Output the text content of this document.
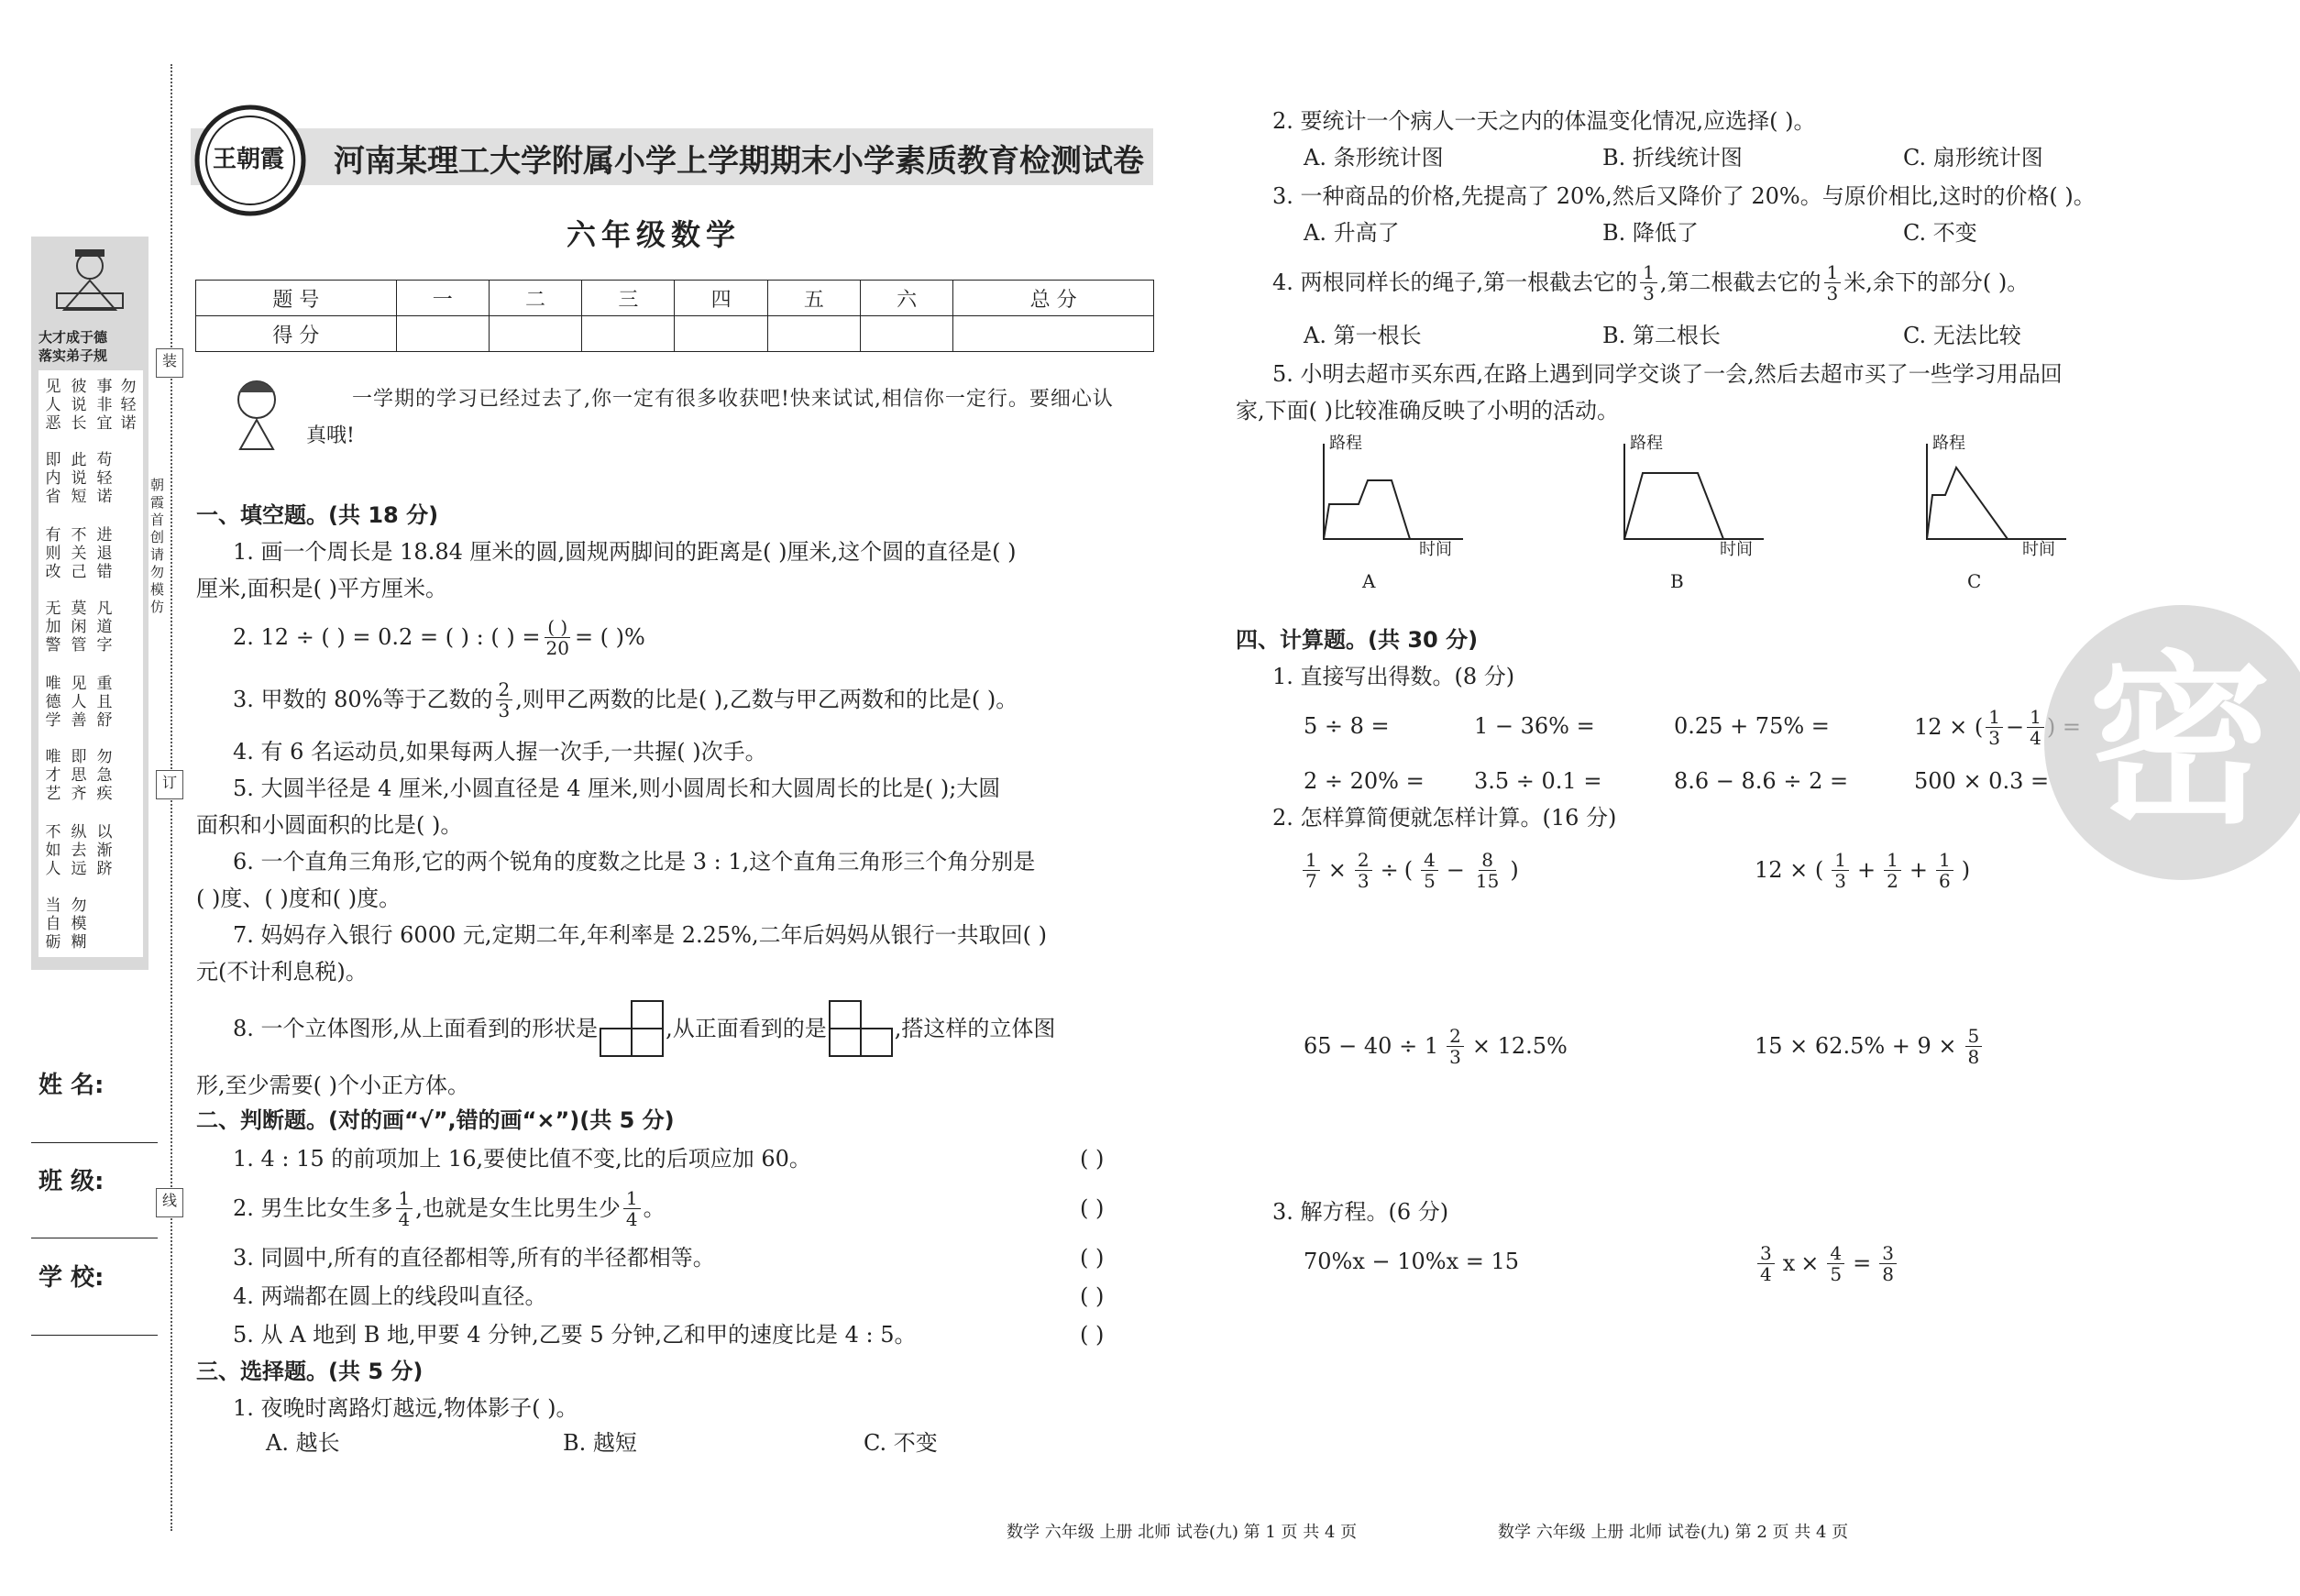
大才成于德
落实弟子规
见人恶
彼说长
事非宜
勿轻诺
即内省
此说短
苟轻诺
有则改
不关己
进退错
无加警
莫闲管
凡道字
唯德学
见人善
重且舒
唯才艺
即思齐
勿急疾
不如人
纵去远
以渐跻
当自砺
勿模糊
姓 名:
班 级:
学 校:
装
订
线
朝霞首创 请勿模仿
王朝霞 河南某理工大学附属小学上学期期末小学素质教育检测试卷
六年级数学
题 号	一	二	三	四	五	六	总 分
得 分							
一学期的学习已经过去了,你一定有很多收获吧!快来试试,相信你一定行。要细心认
真哦!
一、填空题。(共 18 分)
1. 画一个周长是 18.84 厘米的圆,圆规两脚间的距离是( )厘米,这个圆的直径是( )
厘米,面积是( )平方厘米。
2. 12 ÷ ( ) = 0.2 = ( ) : ( ) = $\frac{( )}{20}$ = ( )%
3. 甲数的 80%等于乙数的 $\frac{2}{3}$ ,则甲乙两数的比是( ),乙数与甲乙两数和的比是( )。
4. 有 6 名运动员,如果每两人握一次手,一共握( )次手。
5. 大圆半径是 4 厘米,小圆直径是 4 厘米,则小圆周长和大圆周长的比是( );大圆
面积和小圆面积的比是( )。
6. 一个直角三角形,它的两个锐角的度数之比是 3 : 1,这个直角三角形三个角分别是
( )度、( )度和( )度。
7. 妈妈存入银行 6000 元,定期二年,年利率是 2.25%,二年后妈妈从银行一共取回( )
元(不计利息税)。
8. 一个立体图形,从上面看到的形状是	,从正面看到的是	,搭这样的立体图
形,至少需要( )个小正方体。
二、判断题。(对的画“√”,错的画“×”)(共 5 分)
1. 4 : 15 的前项加上 16,要使比值不变,比的后项应加 60。	( )
2. 男生比女生多 $\frac{1}{4}$ ,也就是女生比男生少 $\frac{1}{4}$ 。	( )
3. 同圆中,所有的直径都相等,所有的半径都相等。	( )
4. 两端都在圆上的线段叫直径。	( )
5. 从 A 地到 B 地,甲要 4 分钟,乙要 5 分钟,乙和甲的速度比是 4 : 5。	( )
三、选择题。(共 5 分)
1. 夜晚时离路灯越远,物体影子( )。
A. 越长	B. 越短	C. 不变
数学 六年级 上册 北师 试卷(九) 第 1 页 共 4 页
2. 要统计一个病人一天之内的体温变化情况,应选择( )。
A. 条形统计图	B. 折线统计图	C. 扇形统计图
3. 一种商品的价格,先提高了 20%,然后又降价了 20%。与原价相比,这时的价格( )。
A. 升高了	B. 降低了	C. 不变
4. 两根同样长的绳子,第一根截去它的 $\frac{1}{3}$ ,第二根截去它的 $\frac{1}{3}$ 米,余下的部分( )。
A. 第一根长	B. 第二根长	C. 无法比较
5. 小明去超市买东西,在路上遇到同学交谈了一会,然后去超市买了一些学习用品回
家,下面( )比较准确反映了小明的活动。
路程
时间
A
路程
时间
B
路程
时间
C
四、计算题。(共 30 分)
1. 直接写出得数。(8 分)
5 ÷ 8 =	1 − 36% =	0.25 + 75% =	12 × ( $\frac{1}{3} - \frac{1}{4}$
2 ÷ 20% = 3.5 ÷ 0.1 =	8.6 − 8.6 ÷ 2 =	500 × 0.3 =
2. 怎样算简便就怎样计算。(16 分)
$\frac{1}{7} \times \frac{2}{3}$ ÷ ( $\frac{4}{5} - \frac{8}{15}$ )	12 × ( $\frac{1}{3} + \frac{1}{2} + \frac{1}{6}$ )
$65 - 40 \div 1 \frac{2}{3} \times 12.5\%$	$15 \times 62.5\% + 9 \times \frac{5}{8}$
3. 解方程。(6 分)
70%x − 10%x = 15	$\frac{3}{4}$ $x \times \frac{4}{5} = \frac{3}{8}$
密
数学 六年级 上册 北师 试卷(九) 第 2 页 共 4 页
